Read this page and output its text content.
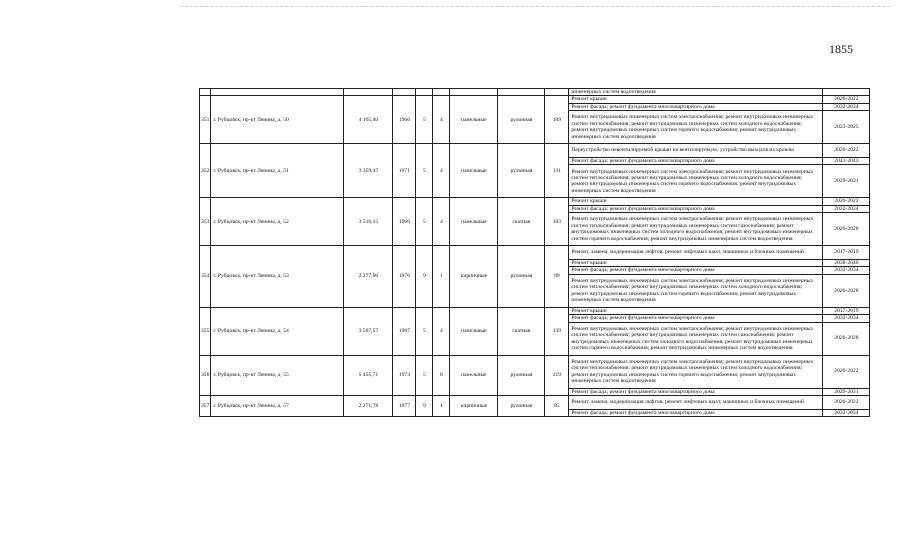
1855
									инженерных систем водоотведения	
351	г. Рубцовск, пр-кт Ленина, д. 50	4 165,40	1966	5	4	панельные	рулонная	109	Ремонт крыши	2020-2022
									Ремонт фасада; ремонт фундамента многоквартирного дома	2032-2034
									Ремонт внутридомовых инженерных систем электроснабжения; ремонт внутридомовых инженерных систем теплоснабжения; ремонт внутридомовых инженерных систем холодного водоснабжения; ремонт внутридомовых инженерных систем горячего водоснабжения; ремонт внутридомовых инженерных систем водоотведения	2023-2025
352	г. Рубцовск, пр-кт Ленина, д. 51	3 359,47	1971	5	4	панельные	рулонная	131	Переустройство невентилируемой крыши на вентилируемую, устройство выходов на кровлю	2020-2022
									Ремонт фасада; ремонт фундамента многоквартирного дома	2041-2043
									Ремонт внутридомовых инженерных систем электроснабжения; ремонт внутридомовых инженерных систем теплоснабжения; ремонт внутридомовых инженерных систем холодного водоснабжения; ремонт внутридомовых инженерных систем горячего водоснабжения; ремонт внутридомовых инженерных систем водоотведения	2029-2031
353	г. Рубцовск, пр-кт Ленина, д. 52	3 516,15	1966	5	4	панельные	скатная	103	Ремонт крыши	2020-2022
									Ремонт фасада; ремонт фундамента многоквартирного дома	2032-2034
									Ремонт внутридомовых инженерных систем электроснабжения; ремонт внутридомовых инженерных систем теплоснабжения; ремонт внутридомовых инженерных систем газоснабжения; ремонт внутридомовых инженерных систем холодного водоснабжения; ремонт внутридомовых инженерных систем горячего водоснабжения; ремонт внутридомовых инженерных систем водоотведения	2026-2028
354	г. Рубцовск, пр-кт Ленина, д. 53	2 277,00	1976	9	1	кирпичные	рулонная	89	Ремонт, замена, модернизация лифтов, ремонт лифтовых шахт, машинных и блочных помещений	2017-2019
									Ремонт крыши	2038-2040
									Ремонт фасада; ремонт фундамента многоквартирного дома	2032-2034
									Ремонт внутридомовых инженерных систем электроснабжения; ремонт внутридомовых инженерных систем теплоснабжения; ремонт внутридомовых инженерных систем холодного водоснабжения; ремонт внутридомовых инженерных систем горячего водоснабжения; ремонт внутридомовых инженерных систем водоотведения	2026-2028
355	г. Рубцовск, пр-кт Ленина, д. 54	3 507,57	1967	5	4	панельные	скатная	139	Ремонт крыши	2017-2019
									Ремонт фасада; ремонт фундамента многоквартирного дома	2032-2034
									Ремонт внутридомовых инженерных систем электроснабжения; ремонт внутридомовых инженерных систем теплоснабжения; ремонт внутридомовых инженерных систем газоснабжения; ремонт внутридомовых инженерных систем холодного водоснабжения; ремонт внутридомовых инженерных систем горячего водоснабжения; ремонт внутридомовых инженерных систем водоотведения	2026-2028
356	г. Рубцовск, пр-кт Ленина, д. 55	5 455,71	1973	5	8	панельные	рулонная	219	Ремонт внутридомовых инженерных систем электроснабжения; ремонт внутридомовых инженерных систем теплоснабжения; ремонт внутридомовых инженерных систем холодного водоснабжения; ремонт внутридомовых инженерных систем горячего водоснабжения; ремонт внутридомовых инженерных систем водоотведения	2020-2022
									Ремонт фасада; ремонт фундамента многоквартирного дома	2029-2031
357	г. Рубцовск, пр-кт Ленина, д. 57	2 271,78	1977	9	1	кирпичные	рулонная	85	Ремонт, замена, модернизация лифтов, ремонт лифтовых шахт, машинных и блочных помещений	2020-2022
									Ремонт фасада; ремонт фундамента многоквартирного дома	2032-2034
